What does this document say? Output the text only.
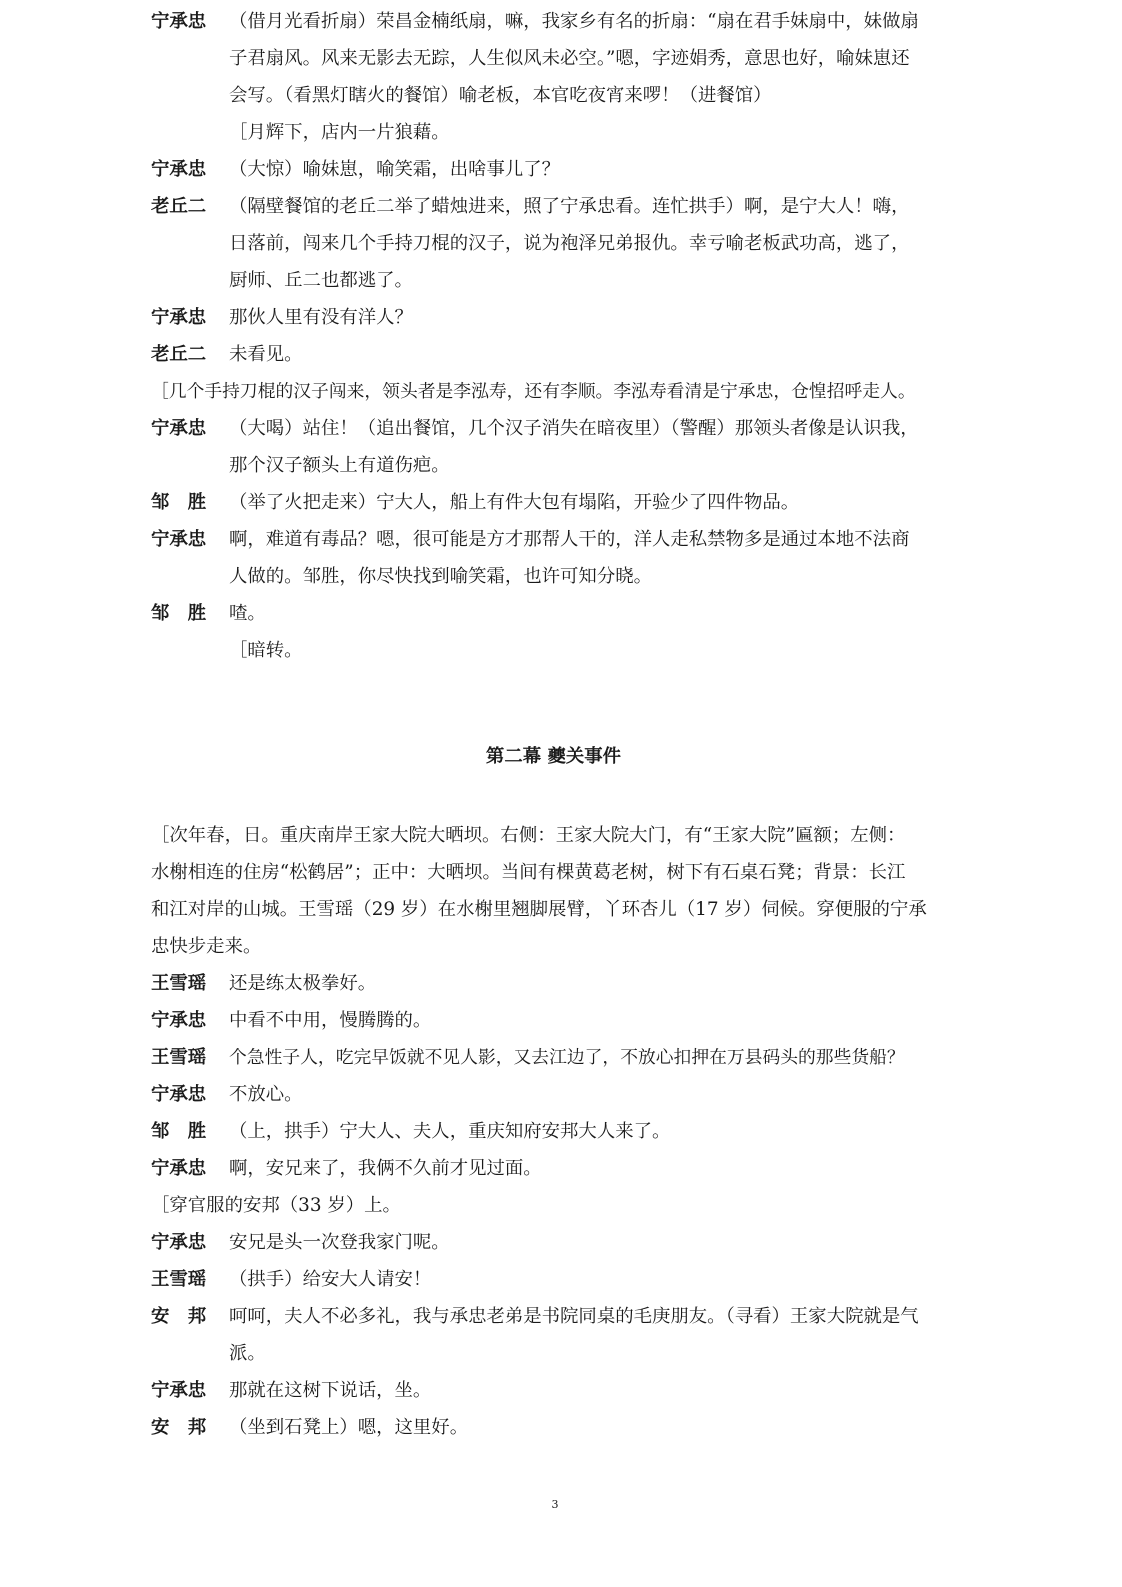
宁承忠 （借月光看折扇）荣昌金楠纸扇，嘛，我家乡有名的折扇：“扇在君手妹扇中，妹做扇
子君扇风。风来无影去无踪，人生似风未必空。”嗯，字迹娟秀，意思也好，喻妹崽还
会写。（看黑灯瞎火的餐馆）喻老板，本官吃夜宵来啰！（进餐馆）
［月辉下，店内一片狼藉。
宁承忠 （大惊）喻妹崽，喻笑霜，出啥事儿了？
老丘二 （隔壁餐馆的老丘二举了蜡烛进来，照了宁承忠看。连忙拱手）啊，是宁大人！嗨，
日落前，闯来几个手持刀棍的汉子，说为袍泽兄弟报仇。幸亏喻老板武功高，逃了，
厨师、丘二也都逃了。
宁承忠 那伙人里有没有洋人？
老丘二 未看见。
［几个手持刀棍的汉子闯来，领头者是李泓寿，还有李顺。李泓寿看清是宁承忠，仓惶招呼走人。
宁承忠 （大喝）站住！（追出餐馆，几个汉子消失在暗夜里）（警醒）那领头者像是认识我，
那个汉子额头上有道伤疤。
邹　胜 （举了火把走来）宁大人，船上有件大包有塌陷，开验少了四件物品。
宁承忠 啊，难道有毒品？嗯，很可能是方才那帮人干的，洋人走私禁物多是通过本地不法商
人做的。邹胜，你尽快找到喻笑霜，也许可知分晓。
邹　胜 喳。
［暗转。
第二幕 夔关事件
［次年春，日。重庆南岸王家大院大晒坝。右侧：王家大院大门，有“王家大院”匾额；左侧：
水榭相连的住房“松鹤居”；正中：大晒坝。当间有棵黄葛老树，树下有石桌石凳；背景：长江
和江对岸的山城。王雪瑶（29 岁）在水榭里翘脚展臂，丫环杏儿（17 岁）伺候。穿便服的宁承
忠快步走来。
王雪瑶 还是练太极拳好。
宁承忠 中看不中用，慢腾腾的。
王雪瑶 个急性子人，吃完早饭就不见人影，又去江边了，不放心扣押在万县码头的那些货船？
宁承忠 不放心。
邹　胜 （上，拱手）宁大人、夫人，重庆知府安邦大人来了。
宁承忠 啊，安兄来了，我俩不久前才见过面。
［穿官服的安邦（33 岁）上。
宁承忠 安兄是头一次登我家门呢。
王雪瑶 （拱手）给安大人请安！
安　邦 呵呵，夫人不必多礼，我与承忠老弟是书院同桌的毛庚朋友。（寻看）王家大院就是气
派。
宁承忠 那就在这树下说话，坐。
安　邦 （坐到石凳上）嗯，这里好。
3
